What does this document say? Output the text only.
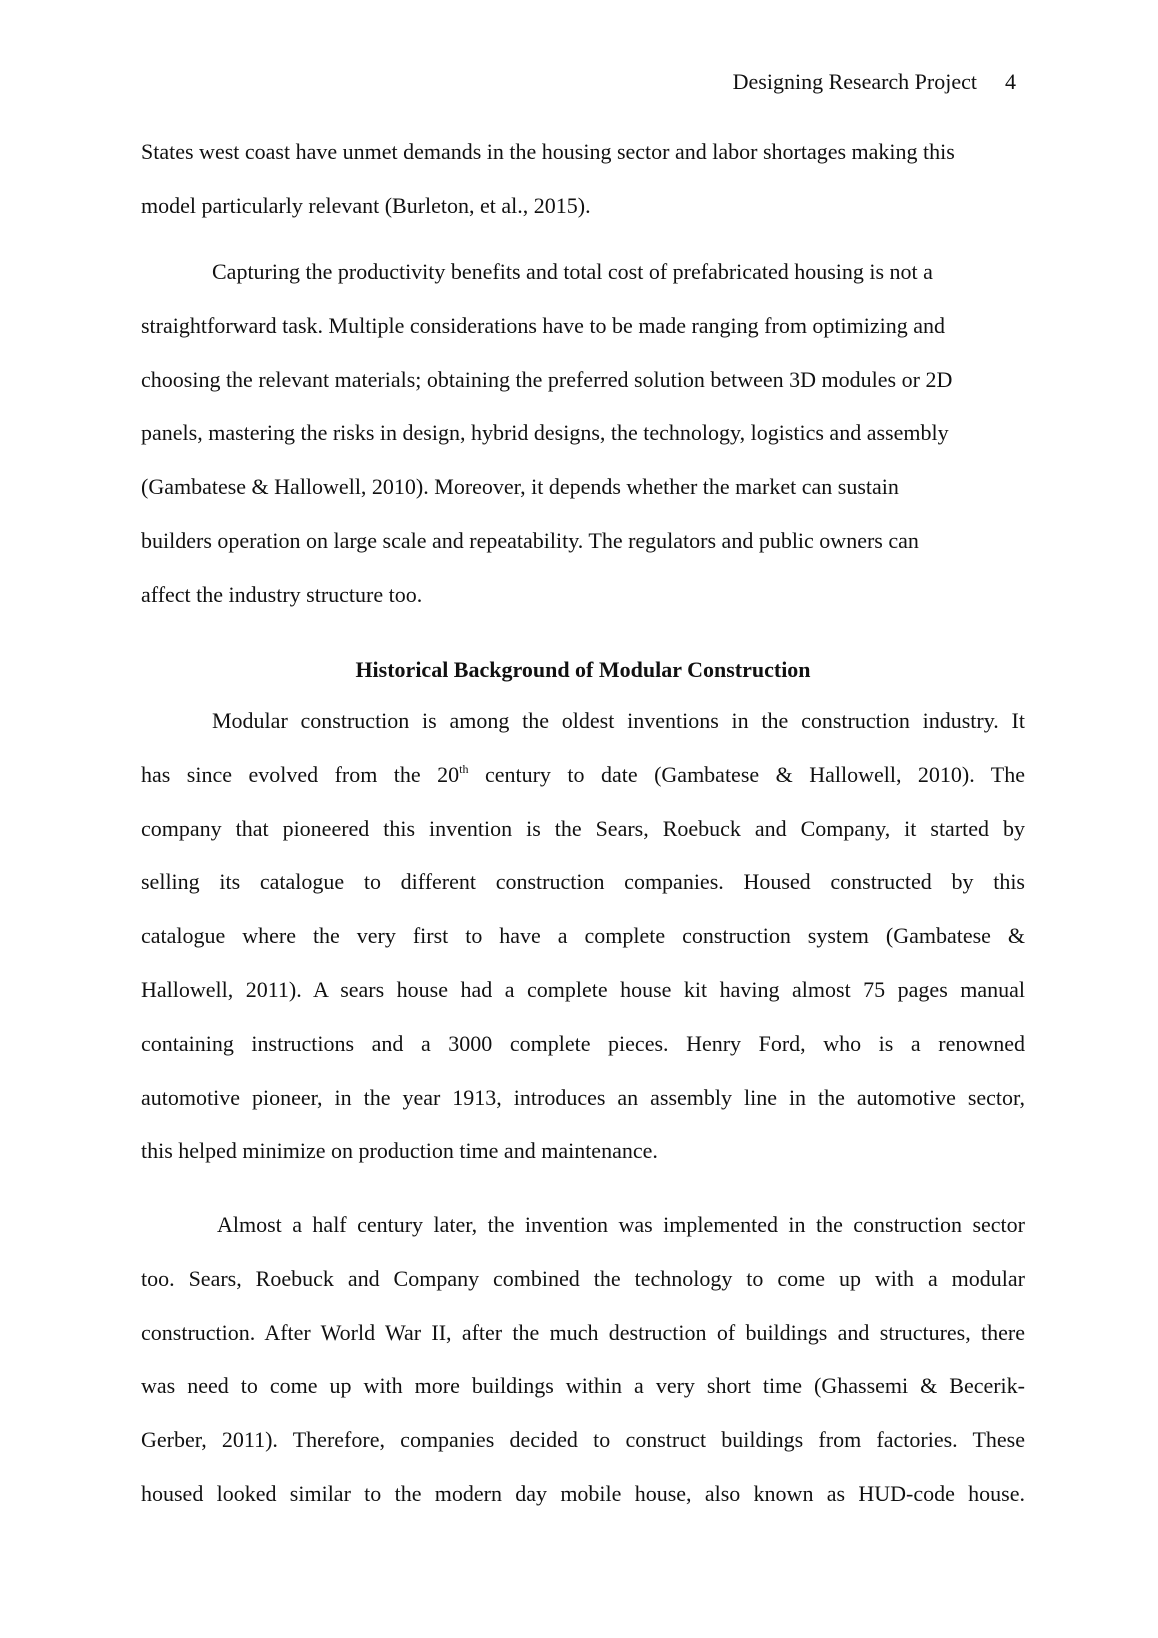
Designing Research Project 4
States west coast have unmet demands in the housing sector and labor shortages making this
model particularly relevant (Burleton, et al., 2015).
Capturing the productivity benefits and total cost of prefabricated housing is not a
straightforward task. Multiple considerations have to be made ranging from optimizing and
choosing the relevant materials; obtaining the preferred solution between 3D modules or 2D
panels, mastering the risks in design, hybrid designs, the technology, logistics and assembly
(Gambatese & Hallowell, 2010). Moreover, it depends whether the market can sustain
builders operation on large scale and repeatability. The regulators and public owners can
affect the industry structure too.
Historical Background of Modular Construction
Modular construction is among the oldest inventions in the construction industry. It
has since evolved from the 20th century to date (Gambatese & Hallowell, 2010). The
company that pioneered this invention is the Sears, Roebuck and Company, it started by
selling its catalogue to different construction companies. Housed constructed by this
catalogue where the very first to have a complete construction system (Gambatese &
Hallowell, 2011). A sears house had a complete house kit having almost 75 pages manual
containing instructions and a 3000 complete pieces. Henry Ford, who is a renowned
automotive pioneer, in the year 1913, introduces an assembly line in the automotive sector,
this helped minimize on production time and maintenance.
Almost a half century later, the invention was implemented in the construction sector
too. Sears, Roebuck and Company combined the technology to come up with a modular
construction. After World War II, after the much destruction of buildings and structures, there
was need to come up with more buildings within a very short time (Ghassemi & Becerik-
Gerber, 2011). Therefore, companies decided to construct buildings from factories. These
housed looked similar to the modern day mobile house, also known as HUD-code house.
